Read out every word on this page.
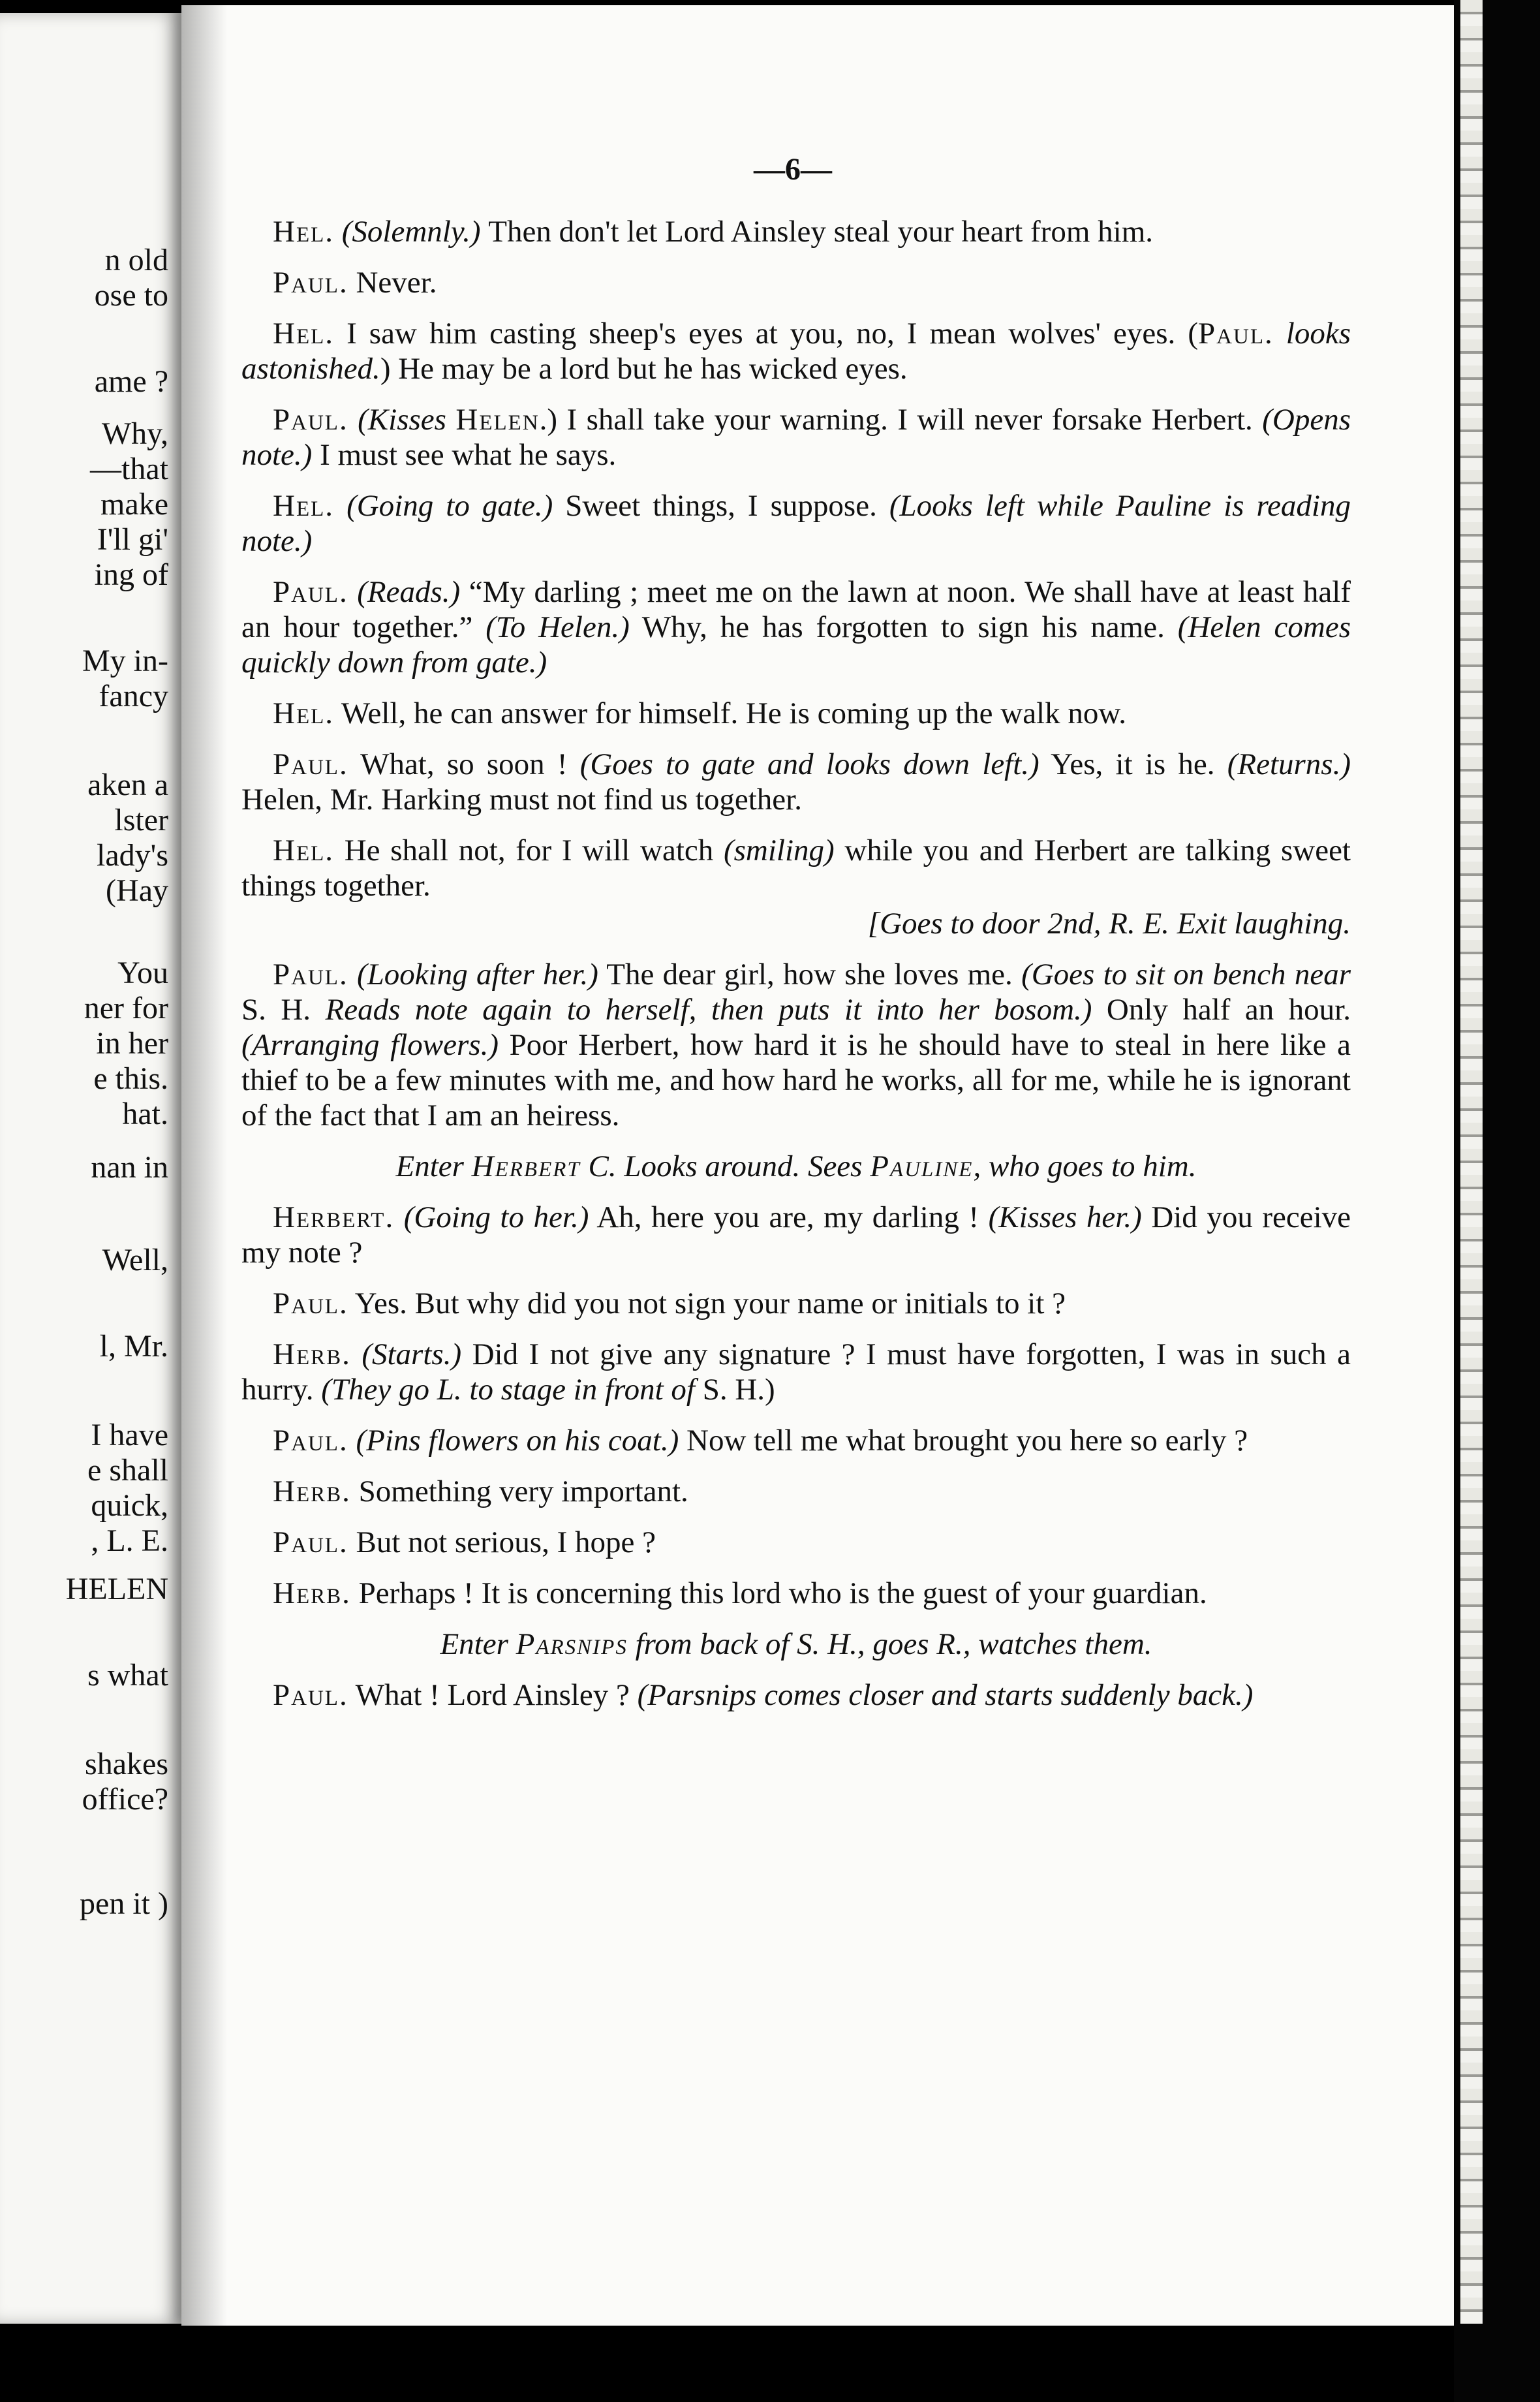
n old
ose to
ame ?
Why,
—that
make
I'll gi'
ing of
My in-
fancy
aken a
lster
lady's
(Hay
You
ner for
in her
e this.
hat.
nan in
Well,
l, Mr.
I have
e shall
quick,
, L. E.
HELEN
s what
shakes
office?
pen it )
—6—

Hel. (Solemnly.) Then don't let Lord Ainsley steal your heart from him.

Paul. Never.

Hel. I saw him casting sheep's eyes at you, no, I mean wolves' eyes. (Paul. looks astonished.) He may be a lord but he has wicked eyes.

Paul. (Kisses Helen.) I shall take your warning. I will never forsake Herbert. (Opens note.) I must see what he says.

Hel. (Going to gate.) Sweet things, I suppose. (Looks left while Pauline is reading note.)

Paul. (Reads.) “My darling ; meet me on the lawn at noon. We shall have at least half an hour together.” (To Helen.) Why, he has forgotten to sign his name. (Helen comes quickly down from gate.)

Hel. Well, he can answer for himself. He is coming up the walk now.

Paul. What, so soon ! (Goes to gate and looks down left.) Yes, it is he. (Returns.) Helen, Mr. Harking must not find us together.

Hel. He shall not, for I will watch (smiling) while you and Herbert are talking sweet things together.

[Goes to door 2nd, R. E. Exit laughing.

Paul. (Looking after her.) The dear girl, how she loves me. (Goes to sit on bench near S. H. Reads note again to herself, then puts it into her bosom.) Only half an hour. (Arranging flowers.) Poor Herbert, how hard it is he should have to steal in here like a thief to be a few minutes with me, and how hard he works, all for me, while he is ignorant of the fact that I am an heiress.

Enter Herbert C. Looks around. Sees Pauline, who goes to him.

Herbert. (Going to her.) Ah, here you are, my darling ! (Kisses her.) Did you receive my note ?

Paul. Yes. But why did you not sign your name or initials to it ?

Herb. (Starts.) Did I not give any signature ? I must have forgotten, I was in such a hurry. (They go L. to stage in front of S. H.)

Paul. (Pins flowers on his coat.) Now tell me what brought you here so early ?

Herb. Something very important.

Paul. But not serious, I hope ?

Herb. Perhaps ! It is concerning this lord who is the guest of your guardian.

Enter Parsnips from back of S. H., goes R., watches them.

Paul. What ! Lord Ainsley ? (Parsnips comes closer and starts suddenly back.)
